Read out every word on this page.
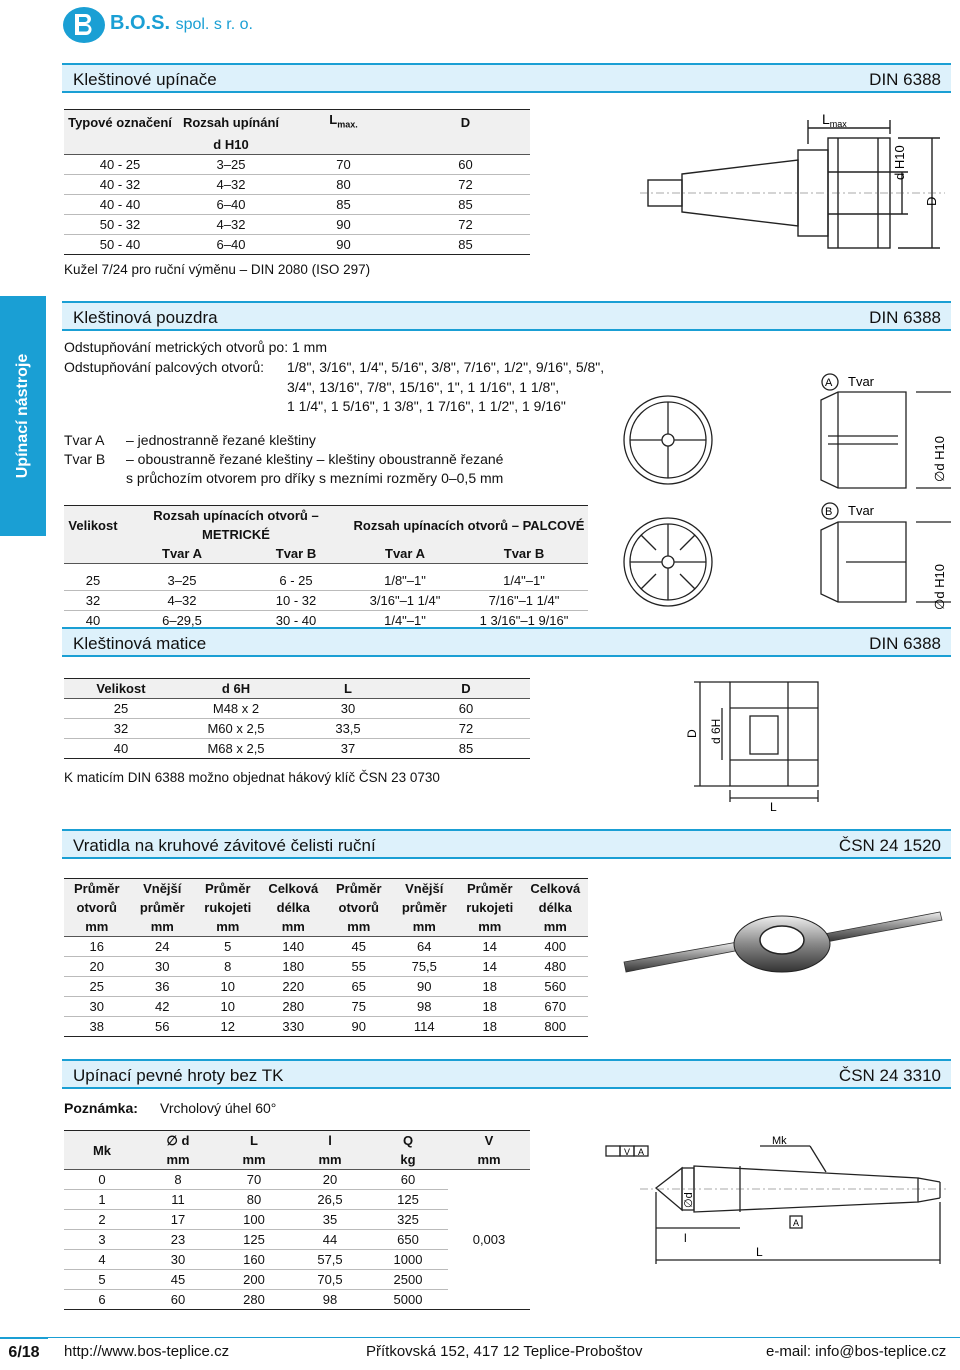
B.O.S. spol. s r. o.
Kleštinové upínače	DIN 6388
Typové označení	Rozsah upínání	$L_{max.}$	D
	d H10		
40 - 25	3–25	70	60
40 - 32	4–32	80	72
40 - 40	6–40	85	85
50 - 32	4–32	90	72
50 - 40	6–40	90	85
Kužel 7/24 pro ruční výměnu – DIN 2080 (ISO 297)
$L_{max}$
d H10
D
Upínací nástroje
Kleštinová pouzdra	DIN 6388
Odstupňování metrických otvorů po: 1 mm
Odstupňování palcových otvorů: 1/8", 3/16", 1/4", 5/16", 3/8", 7/16", 1/2", 9/16", 5/8",
3/4", 13/16", 7/8", 15/16", 1", 1 1/16", 1 1/8",
1 1/4", 1 5/16", 1 3/8", 1 7/16", 1 1/2", 1 9/16"
Tvar A – jednostranně řezané kleštiny
Tvar B – oboustranně řezané kleštiny – kleštiny oboustranně řezané
s průchozím otvorem pro dříky s mezními rozměry 0–0,5 mm
Velikost	Rozsah upínacích otvorů – METRICKÉ		Rozsah upínacích otvorů – PALCOVÉ	
	Tvar A	Tvar B	Tvar A	Tvar B

25	3–25	6 - 25	1/8"–1"	1/4"–1"
32	4–32	10 - 32	3/16"–1 1/4"	7/16"–1 1/4"
40	6–29,5	30 - 40	1/4"–1"	1 3/16"–1 9/16"
A Tvar
∅d H10
B Tvar
∅d H10
Kleštinová matice	DIN 6388
Velikost	d 6H	L	D
25	M48 x 2	30	60
32	M60 x 2,5	33,5	72
40	M68 x 2,5	37	85
K maticím DIN 6388 možno objednat hákový klíč ČSN 23 0730
D d 6H
L
Vratidla na kruhové závitové čelisti ruční	ČSN 24 1520
Průměr	Vnější	Průměr	Celková	Průměr	Vnější	Průměr	Celková
otvorů	průměr	rukojeti	délka	otvorů	průměr	rukojeti	délka
mm	mm	mm	mm	mm	mm	mm	mm
16	24	5	140	45	64	14	400
20	30	8	180	55	75,5	14	480
25	36	10	220	65	90	18	560
30	42	10	280	75	98	18	670
38	56	12	330	90	114	18	800
Upínací pevné hroty bez TK	ČSN 24 3310
Poznámka: Vrcholový úhel 60°
Mk	∅ d	L	l	Q	V
	mm	mm	mm	kg	mm
0	8	70	20	60	0,003
1	11	80	26,5	125	
2	17	100	35	325	
3	23	125	44	650	
4	30	160	57,5	1000	
5	45	200	70,5	2500	
6	60	280	98	5000	
Mk
V A
∅d
l
A
L
6/18	http://www.bos-teplice.cz	Přítkovská 152, 417 12 Teplice-Proboštov	e-mail: info@bos-teplice.cz
